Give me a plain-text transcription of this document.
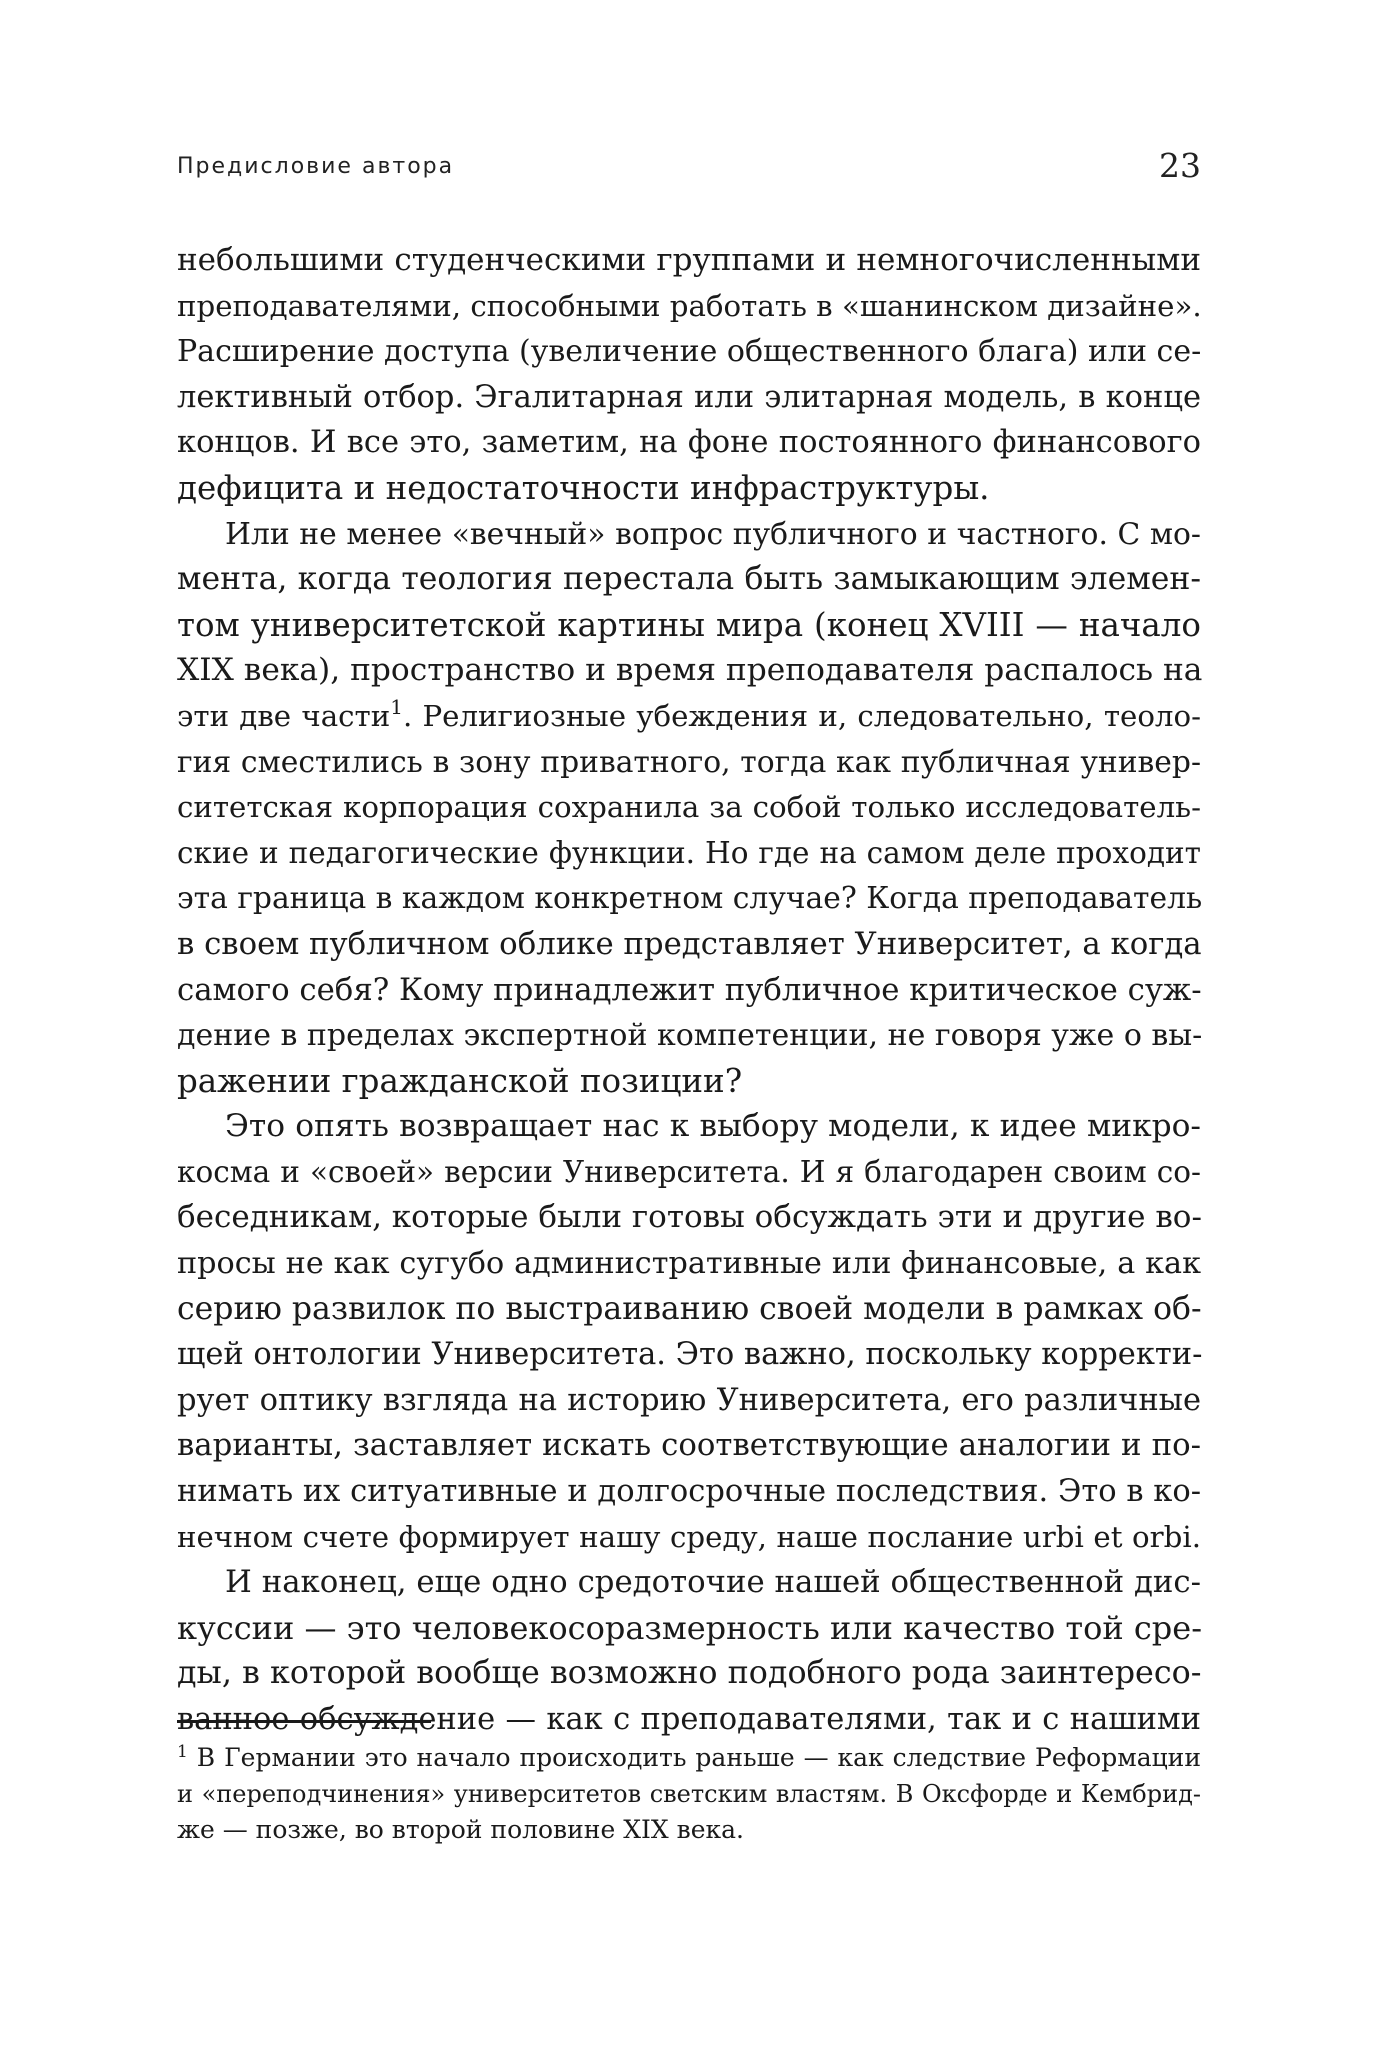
Предисловие автора	23
небольшими студенческими группами и немногочисленными
преподавателями, способными работать в «шанинском дизайне».
Расширение доступа (увеличение общественного блага) или се-
лективный отбор. Эгалитарная или элитарная модель, в конце
концов. И все это, заметим, на фоне постоянного финансового
дефицита и недостаточности инфраструктуры.
Или не менее «вечный» вопрос публичного и частного. С мо-
мента, когда теология перестала быть замыкающим элемен-
том университетской картины мира (конец XVIII — начало
XIX века), пространство и время преподавателя распалось на
эти две части$^1$. Религиозные убеждения и, следовательно, теоло-
гия сместились в зону приватного, тогда как публичная универ-
ситетская корпорация сохранила за собой только исследователь-
ские и педагогические функции. Но где на самом деле проходит
эта граница в каждом конкретном случае? Когда преподаватель
в своем публичном облике представляет Университет, а когда
самого себя? Кому принадлежит публичное критическое суж-
дение в пределах экспертной компетенции, не говоря уже о вы-
ражении гражданской позиции?
Это опять возвращает нас к выбору модели, к идее микро-
косма и «своей» версии Университета. И я благодарен своим со-
беседникам, которые были готовы обсуждать эти и другие во-
просы не как сугубо административные или финансовые, а как
серию развилок по выстраиванию своей модели в рамках об-
щей онтологии Университета. Это важно, поскольку корректи-
рует оптику взгляда на историю Университета, его различные
варианты, заставляет искать соответствующие аналогии и по-
нимать их ситуативные и долгосрочные последствия. Это в ко-
нечном счете формирует нашу среду, наше послание urbi et orbi.
И наконец, еще одно средоточие нашей общественной дис-
куссии — это человекосоразмерность или качество той сре-
ды, в которой вообще возможно подобного рода заинтересо-
ванное обсуждение — как с преподавателями, так и с нашими
$^1$ В Германии это начало происходить раньше — как следствие Реформации
и «переподчинения» университетов светским властям. В Оксфорде и Кембрид-
же — позже, во второй половине XIX века.
